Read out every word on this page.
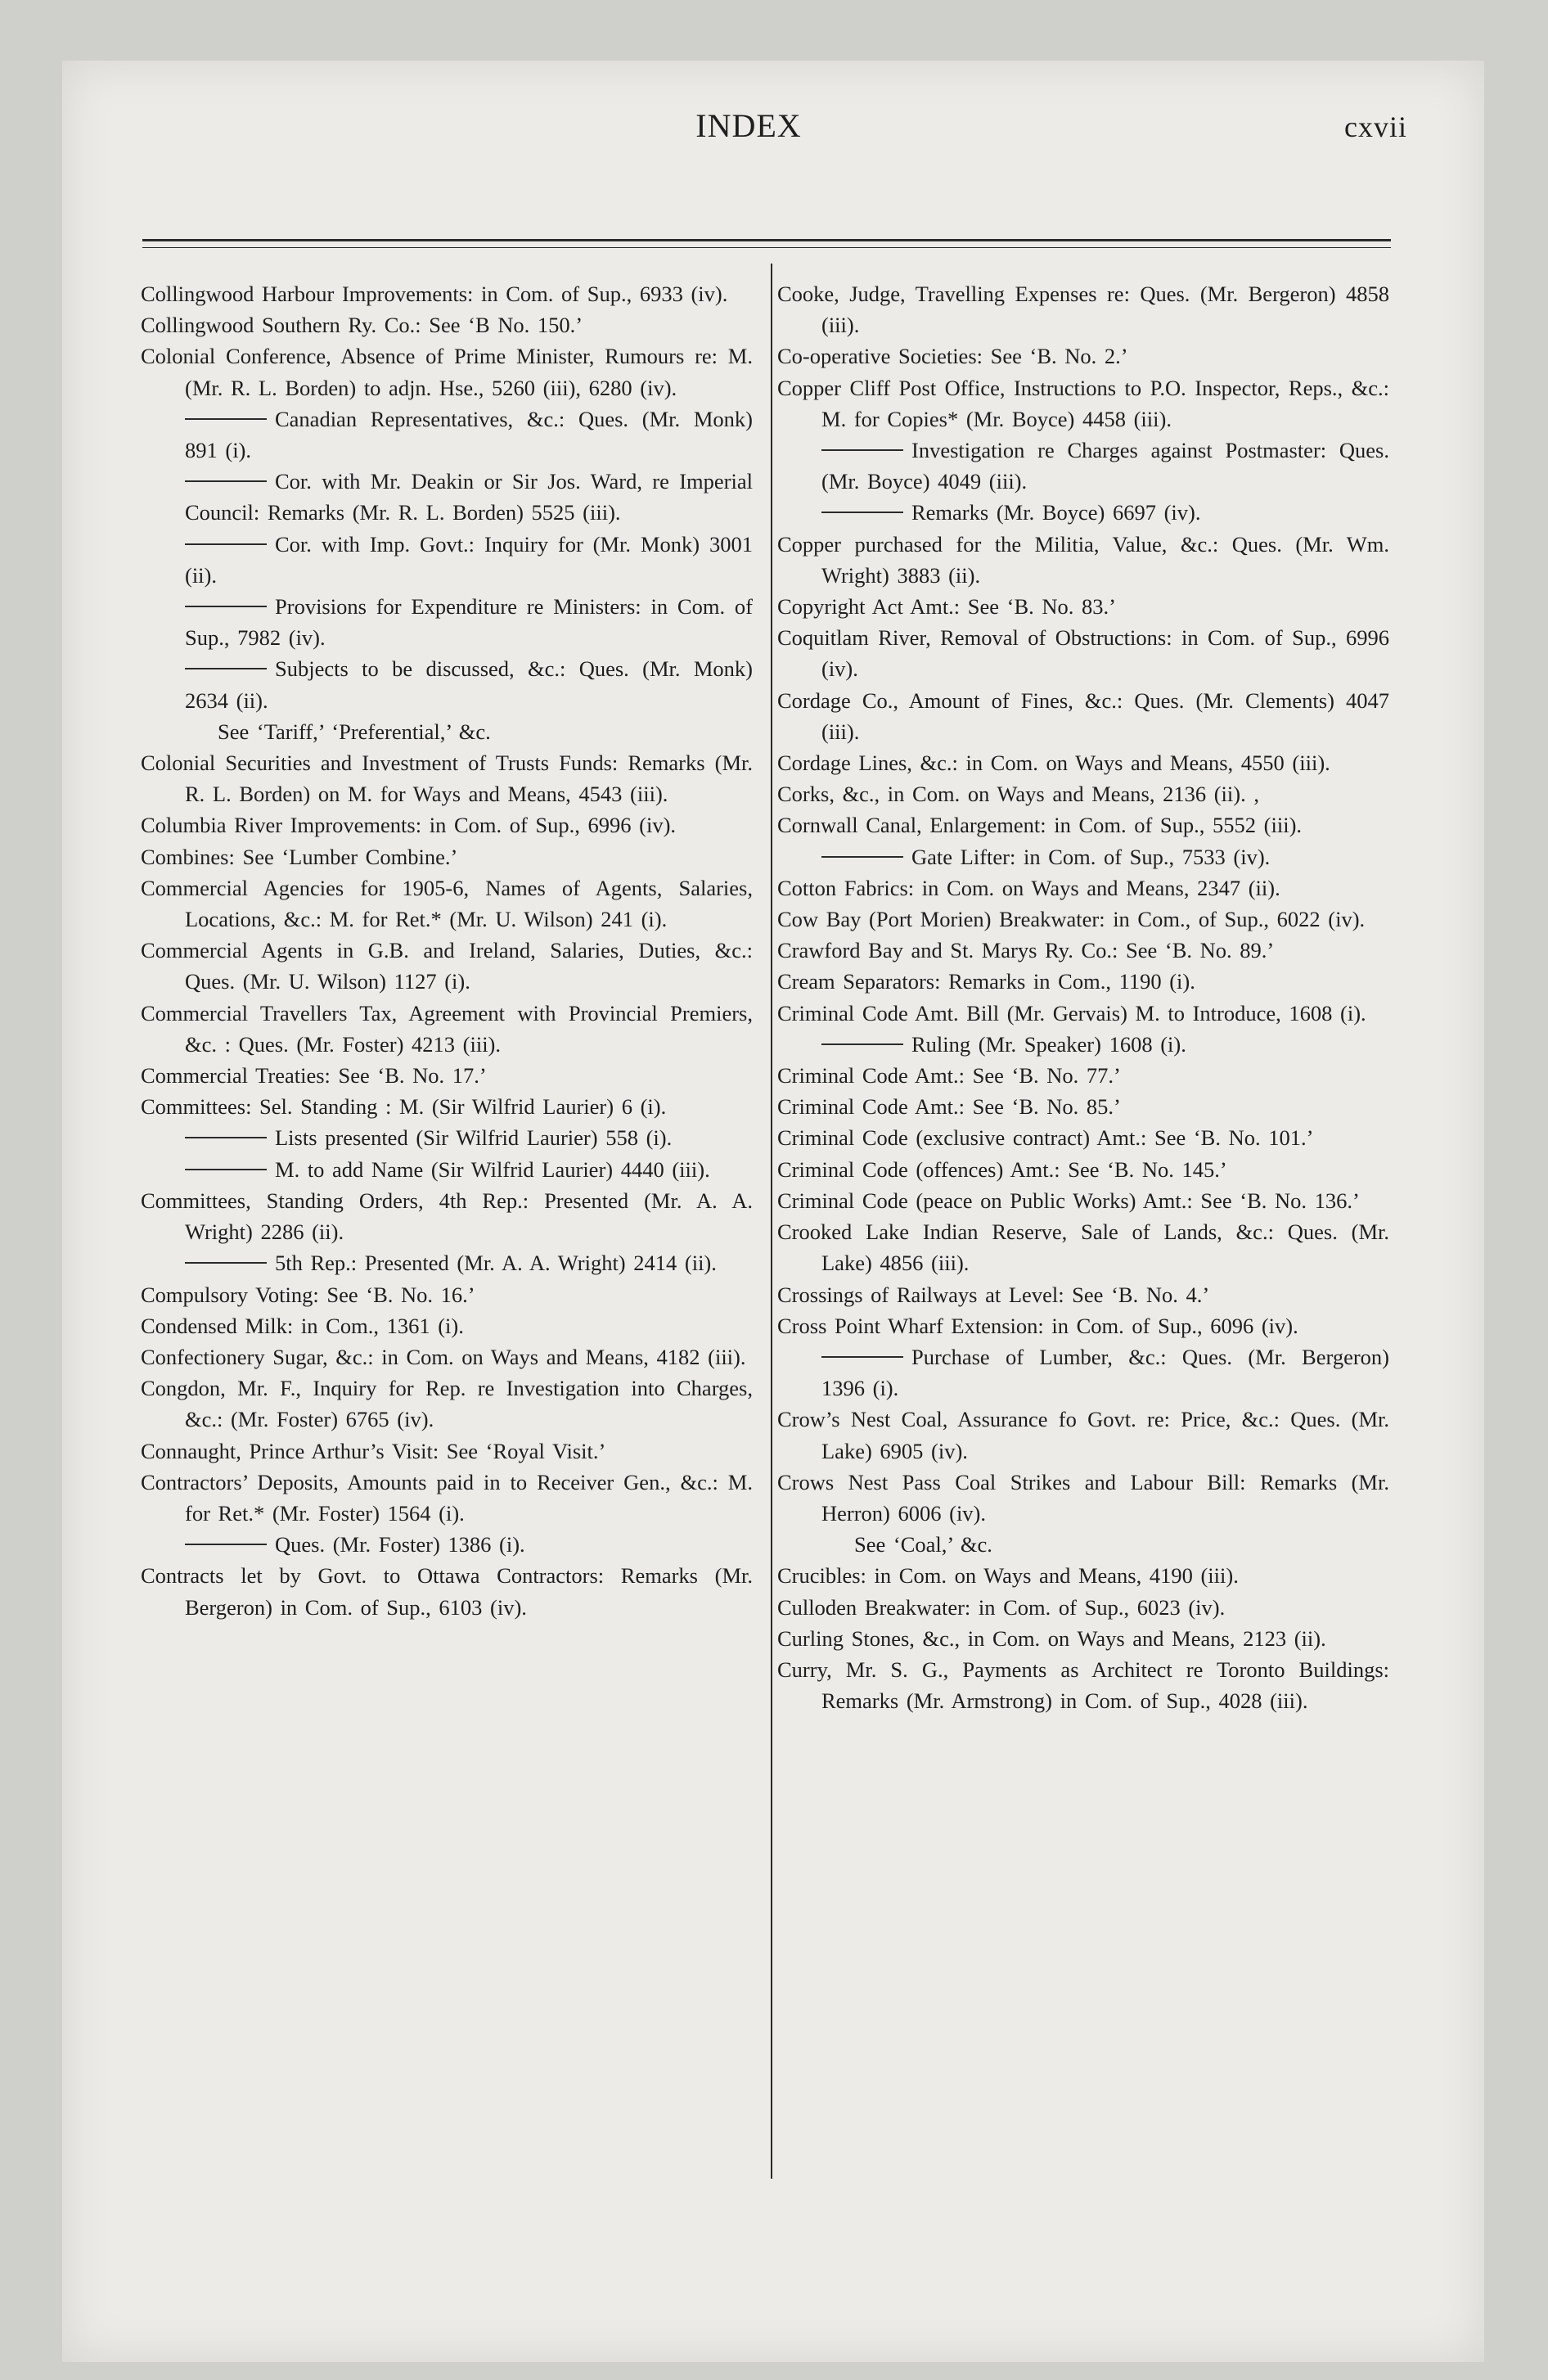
INDEX	cxvii
Collingwood Harbour Improvements: in Com. of Sup., 6933 (iv).
Collingwood Southern Ry. Co.: See ‘B No. 150.’
Colonial Conference, Absence of Prime Minister, Rumours re: M. (Mr. R. L. Borden) to adjn. Hse., 5260 (iii), 6280 (iv).
Canadian Representatives, &c.: Ques. (Mr. Monk) 891 (i).
Cor. with Mr. Deakin or Sir Jos. Ward, re Imperial Council: Remarks (Mr. R. L. Borden) 5525 (iii).
Cor. with Imp. Govt.: Inquiry for (Mr. Monk) 3001 (ii).
Provisions for Expenditure re Ministers: in Com. of Sup., 7982 (iv).
Subjects to be discussed, &c.: Ques. (Mr. Monk) 2634 (ii).
See ‘Tariff,’ ‘Preferential,’ &c.
Colonial Securities and Investment of Trusts Funds: Remarks (Mr. R. L. Borden) on M. for Ways and Means, 4543 (iii).
Columbia River Improvements: in Com. of Sup., 6996 (iv).
Combines: See ‘Lumber Combine.’
Commercial Agencies for 1905-6, Names of Agents, Salaries, Locations, &c.: M. for Ret.* (Mr. U. Wilson) 241 (i).
Commercial Agents in G.B. and Ireland, Salaries, Duties, &c.: Ques. (Mr. U. Wilson) 1127 (i).
Commercial Travellers Tax, Agreement with Provincial Premiers, &c. : Ques. (Mr. Foster) 4213 (iii).
Commercial Treaties: See ‘B. No. 17.’
Committees: Sel. Standing : M. (Sir Wilfrid Laurier) 6 (i).
Lists presented (Sir Wilfrid Laurier) 558 (i).
M. to add Name (Sir Wilfrid Laurier) 4440 (iii).
Committees, Standing Orders, 4th Rep.: Presented (Mr. A. A. Wright) 2286 (ii).
5th Rep.: Presented (Mr. A. A. Wright) 2414 (ii).
Compulsory Voting: See ‘B. No. 16.’
Condensed Milk: in Com., 1361 (i).
Confectionery Sugar, &c.: in Com. on Ways and Means, 4182 (iii).
Congdon, Mr. F., Inquiry for Rep. re Investigation into Charges, &c.: (Mr. Foster) 6765 (iv).
Connaught, Prince Arthur’s Visit: See ‘Royal Visit.’
Contractors’ Deposits, Amounts paid in to Receiver Gen., &c.: M. for Ret.* (Mr. Foster) 1564 (i).
Ques. (Mr. Foster) 1386 (i).
Contracts let by Govt. to Ottawa Contractors: Remarks (Mr. Bergeron) in Com. of Sup., 6103 (iv).
Cooke, Judge, Travelling Expenses re: Ques. (Mr. Bergeron) 4858 (iii).
Co-operative Societies: See ‘B. No. 2.’
Copper Cliff Post Office, Instructions to P.O. Inspector, Reps., &c.: M. for Copies* (Mr. Boyce) 4458 (iii).
Investigation re Charges against Postmaster: Ques. (Mr. Boyce) 4049 (iii).
Remarks (Mr. Boyce) 6697 (iv).
Copper purchased for the Militia, Value, &c.: Ques. (Mr. Wm. Wright) 3883 (ii).
Copyright Act Amt.: See ‘B. No. 83.’
Coquitlam River, Removal of Obstructions: in Com. of Sup., 6996 (iv).
Cordage Co., Amount of Fines, &c.: Ques. (Mr. Clements) 4047 (iii).
Cordage Lines, &c.: in Com. on Ways and Means, 4550 (iii).
Corks, &c., in Com. on Ways and Means, 2136 (ii). ,
Cornwall Canal, Enlargement: in Com. of Sup., 5552 (iii).
Gate Lifter: in Com. of Sup., 7533 (iv).
Cotton Fabrics: in Com. on Ways and Means, 2347 (ii).
Cow Bay (Port Morien) Breakwater: in Com., of Sup., 6022 (iv).
Crawford Bay and St. Marys Ry. Co.: See ‘B. No. 89.’
Cream Separators: Remarks in Com., 1190 (i).
Criminal Code Amt. Bill (Mr. Gervais) M. to Introduce, 1608 (i).
Ruling (Mr. Speaker) 1608 (i).
Criminal Code Amt.: See ‘B. No. 77.’
Criminal Code Amt.: See ‘B. No. 85.’
Criminal Code (exclusive contract) Amt.: See ‘B. No. 101.’
Criminal Code (offences) Amt.: See ‘B. No. 145.’
Criminal Code (peace on Public Works) Amt.: See ‘B. No. 136.’
Crooked Lake Indian Reserve, Sale of Lands, &c.: Ques. (Mr. Lake) 4856 (iii).
Crossings of Railways at Level: See ‘B. No. 4.’
Cross Point Wharf Extension: in Com. of Sup., 6096 (iv).
Purchase of Lumber, &c.: Ques. (Mr. Bergeron) 1396 (i).
Crow’s Nest Coal, Assurance fo Govt. re: Price, &c.: Ques. (Mr. Lake) 6905 (iv).
Crows Nest Pass Coal Strikes and Labour Bill: Remarks (Mr. Herron) 6006 (iv).
See ‘Coal,’ &c.
Crucibles: in Com. on Ways and Means, 4190 (iii).
Culloden Breakwater: in Com. of Sup., 6023 (iv).
Curling Stones, &c., in Com. on Ways and Means, 2123 (ii).
Curry, Mr. S. G., Payments as Architect re Toronto Buildings: Remarks (Mr. Armstrong) in Com. of Sup., 4028 (iii).
